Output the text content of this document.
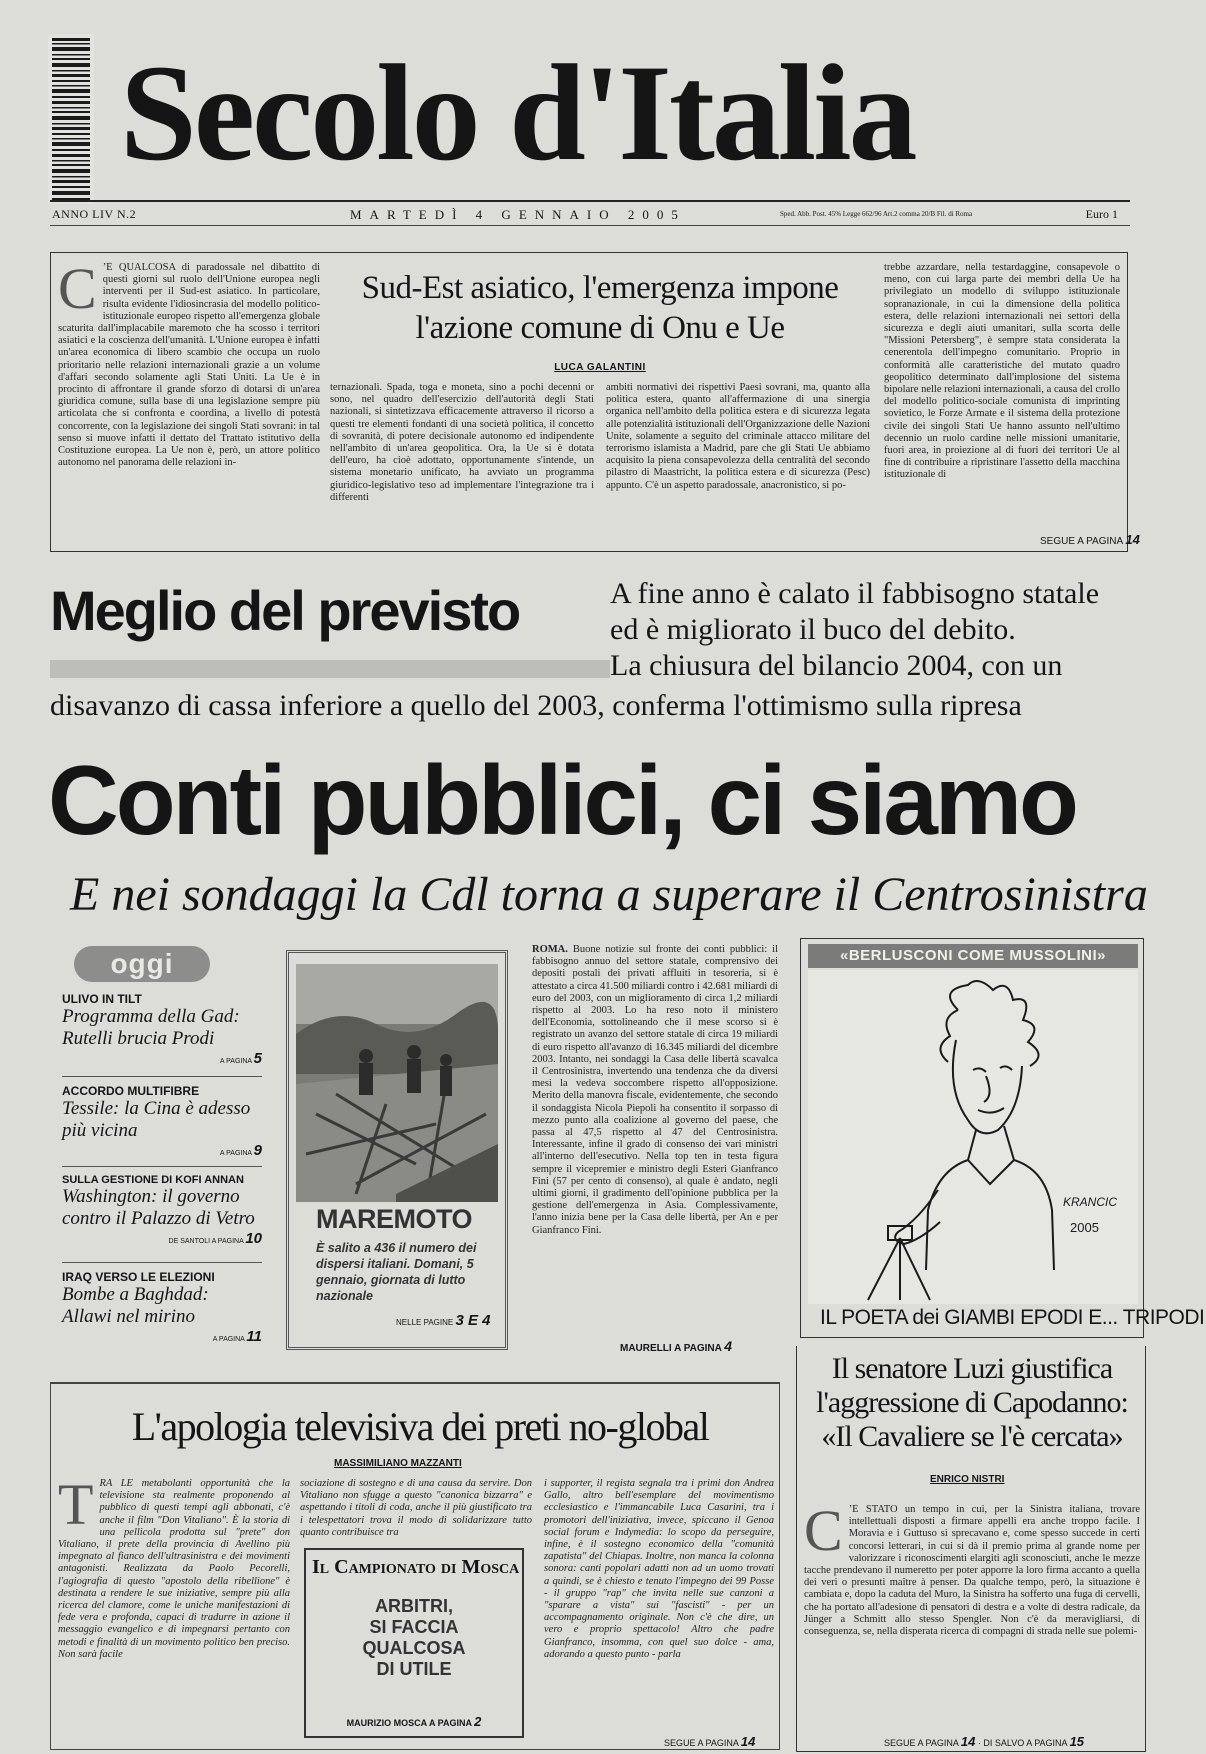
Secolo d'Italia
ANNO LIV N.2	MARTEDÌ 4 GENNAIO 2005	Sped. Abb. Post. 45% Legge 662/96 Art.2 comma 20/B Fil. di Roma	Euro 1
C ’È QUALCOSA di paradossale nel dibattito di questi giorni sul ruolo dell'Unione europea negli interventi per il Sud-est asiatico. In particolare, risulta evidente l'idiosincrasia del modello politico-istituzionale europeo rispetto all'emergenza globale scaturita dall'implacabile maremoto che ha scosso i territori asiatici e la coscienza dell'umanità. L'Unione europea è infatti un'area economica di libero scambio che occupa un ruolo prioritario nelle relazioni internazionali grazie a un volume d'affari secondo solamente agli Stati Uniti. La Ue è in procinto di affrontare il grande sforzo di dotarsi di un'area giuridica comune, sulla base di una legislazione sempre più articolata che si confronta e coordina, a livello di potestà concorrente, con la legislazione dei singoli Stati sovrani: in tal senso si muove infatti il dettato del Trattato istitutivo della Costituzione europea. La Ue non è, però, un attore politico autonomo nel panorama delle relazioni in-
Sud-Est asiatico, l'emergenza impone
l'azione comune di Onu e Ue
LUCA GALANTINI
ternazionali. Spada, toga e moneta, sino a pochi decenni or sono, nel quadro dell'esercizio dell'autorità degli Stati nazionali, si sintetizzava efficacemente attraverso il ricorso a questi tre elementi fondanti di una società politica, il concetto di sovranità, di potere decisionale autonomo ed indipendente nell'ambito di un'area geopolitica. Ora, la Ue si è dotata dell'euro, ha cioè adottato, opportunamente s'intende, un sistema monetario unificato, ha avviato un programma giuridico-legislativo teso ad implementare l'integrazione tra i differenti
ambiti normativi dei rispettivi Paesi sovrani, ma, quanto alla politica estera, quanto all'affermazione di una sinergia organica nell'ambito della politica estera e di sicurezza legata alle potenzialità istituzionali dell'Organizzazione delle Nazioni Unite, solamente a seguito del criminale attacco militare del terrorismo islamista a Madrid, pare che gli Stati Ue abbiamo acquisito la piena consapevolezza della centralità del secondo pilastro di Maastricht, la politica estera e di sicurezza (Pesc) appunto. C'è un aspetto paradossale, anacronistico, si po-
trebbe azzardare, nella testardaggine, consapevole o meno, con cui larga parte dei membri della Ue ha privilegiato un modello di sviluppo istituzionale sopranazionale, in cui la dimensione della politica estera, delle relazioni internazionali nei settori della sicurezza e degli aiuti umanitari, sulla scorta delle "Missioni Petersberg", è sempre stata considerata la cenerentola dell'impegno comunitario. Proprio in conformità alle caratteristiche del mutato quadro geopolitico determinato dall'implosione del sistema bipolare nelle relazioni internazionali, a causa del crollo del modello politico-sociale comunista di imprinting sovietico, le Forze Armate e il sistema della protezione civile dei singoli Stati Ue hanno assunto nell'ultimo decennio un ruolo cardine nelle missioni umanitarie, fuori area, in proiezione al di fuori dei territori Ue al fine di contribuire a ripristinare l'assetto della macchina istituzionale di
SEGUE A PAGINA 14
Meglio del previsto	A fine anno è calato il fabbisogno statale
ed è migliorato il buco del debito.
La chiusura del bilancio 2004, con un
disavanzo di cassa inferiore a quello del 2003, conferma l'ottimismo sulla ripresa
Conti pubblici, ci siamo
E nei sondaggi la Cdl torna a superare il Centrosinistra
oggi
ULIVO IN TILT
Programma della Gad: Rutelli brucia Prodi
A PAGINA 5
ACCORDO MULTIFIBRE
Tessile: la Cina è adesso più vicina
A PAGINA 9
SULLA GESTIONE DI KOFI ANNAN
Washington: il governo contro il Palazzo di Vetro
DE SANTOLI A PAGINA 10
IRAQ VERSO LE ELEZIONI
Bombe a Baghdad: Allawi nel mirino
A PAGINA 11
MAREMOTO
È salito a 436 il numero dei dispersi italiani. Domani, 5 gennaio, giornata di lutto nazionale
NELLE PAGINE 3 E 4
ROMA. Buone notizie sul fronte dei conti pubblici: il fabbisogno annuo del settore statale, comprensivo dei depositi postali dei privati affluiti in tesoreria, si è attestato a circa 41.500 miliardi contro i 42.681 miliardi di euro del 2003, con un miglioramento di circa 1,2 miliardi rispetto al 2003. Lo ha reso noto il ministero dell'Economia, sottolineando che il mese scorso si è registrato un avanzo del settore statale di circa 19 miliardi di euro rispetto all'avanzo di 16.345 miliardi del dicembre 2003. Intanto, nei sondaggi la Casa delle libertà scavalca il Centrosinistra, invertendo una tendenza che da diversi mesi la vedeva soccombere rispetto all'opposizione. Merito della manovra fiscale, evidentemente, che secondo il sondaggista Nicola Piepoli ha consentito il sorpasso di mezzo punto alla coalizione al governo del paese, che passa al 47,5 rispetto al 47 del Centrosinistra. Interessante, infine il grado di consenso dei vari ministri all'interno dell'esecutivo. Nella top ten in testa figura sempre il vicepremier e ministro degli Esteri Gianfranco Fini (57 per cento di consenso), al quale è andato, negli ultimi giorni, il gradimento dell'opinione pubblica per la gestione dell'emergenza in Asia. Complessivamente, l'anno inizia bene per la Casa delle libertà, per An e per Gianfranco Fini.
MAURELLI A PAGINA 4
«BERLUSCONI COME MUSSOLINI»
KRANCIC
2005
IL POETA dei GIAMBI EPODI E... TRIPODI
Il senatore Luzi giustifica
l'aggressione di Capodanno:
«Il Cavaliere se l'è cercata»
ENRICO NISTRI
C ’È STATO un tempo in cui, per la Sinistra italiana, trovare intellettuali disposti a firmare appelli era anche troppo facile. I Moravia e i Guttuso si sprecavano e, come spesso succede in certi concorsi letterari, in cui si dà il premio prima al grande nome per valorizzare i riconoscimenti elargiti agli sconosciuti, anche le mezze tacche prendevano il numeretto per poter apporre la loro firma accanto a quella dei veri o presunti maître à penser. Da qualche tempo, però, la situazione è cambiata e, dopo la caduta del Muro, la Sinistra ha sofferto una fuga di cervelli, che ha portato all'adesione di pensatori di destra e a volte di destra radicale, da Jünger a Schmitt allo stesso Spengler. Non c'è da meravigliarsi, di conseguenza, se, nella disperata ricerca di compagni di strada nelle sue polemi-
SEGUE A PAGINA 14 · DI SALVO A PAGINA 15
L'apologia televisiva dei preti no-global
MASSIMILIANO MAZZANTI
TRA LE metabolanti opportunità che la televisione sta realmente proponendo al pubblico di questi tempi agli abbonati, c'è anche il film "Don Vitaliano". È la storia di una pellicola prodotta sul "prete" don Vitaliano, il prete della provincia di Avellino più impegnato al fianco dell'ultrasinistra e dei movimenti antagonisti. Realizzata da Paolo Pecorelli, l'agiografia di questo "apostolo della ribellione" è destinata a rendere le sue iniziative, sempre più alla ricerca del clamore, come le uniche manifestazioni di fede vera e profonda, capaci di tradurre in azione il messaggio evangelico e di impegnarsi pertanto con metodi e finalità di un movimento politico ben preciso. Non sarà facile
sociazione di sostegno e di una causa da servire. Don Vitaliano non sfugge a questo "canonica bizzarra" e aspettando i titoli di coda, anche il più giustificato tra i telespettatori trova il modo di solidarizzare tutto quanto contribuisce tra
i supporter, il regista segnala tra i primi don Andrea Gallo, altro bell'esemplare del movimentismo ecclesiastico e l'immancabile Luca Casarini, tra i promotori dell'iniziativa, invece, spiccano il Genoa social forum e Indymedia: lo scopo da perseguire, infine, è il sostegno economico della "comunità zapatista" del Chiapas. Inoltre, non manca la colonna sonora: canti popolari adatti non ad un uomo trovati a quindi, se è chiesto e tenuto l'impegno dei 99 Posse - il gruppo "rap" che invita nelle sue canzoni a "sparare a vista" sui "fascisti" - per un accompagnamento originale. Non c'è che dire, un vero e proprio spettacolo! Altro che padre Gianfranco, insomma, con quel suo dolce - ama, adorando a questo punto - parla
SEGUE A PAGINA 14
Il Campionato di Mosca
ARBITRI,
SI FACCIA
QUALCOSA
DI UTILE
MAURIZIO MOSCA A PAGINA 2
